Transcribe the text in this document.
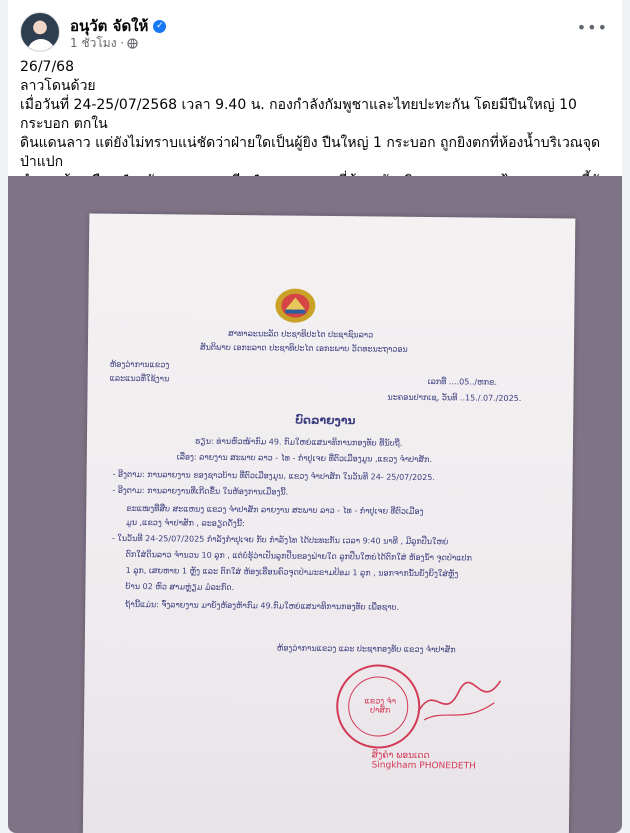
อนุวัต จัดให้ ✓
1 ชั่วโมง ·
•••
26/7/68
ลาวโดนด้วย
เมื่อวันที่ 24-25/07/2568 เวลา 9.40 น. กองกำลังกัมพูชาและไทยปะทะกัน โดยมีปืนใหญ่ 10 กระบอก ตกใน
ดินแดนลาว แต่ยังไม่ทราบแน่ชัดว่าฝ่ายใดเป็นผู้ยิง ปืนใหญ่ 1 กระบอก ถูกยิงตกที่ห้องน้ำบริเวณจุดป่าแปก
ສາທາລະນະລັດ ປະຊາທິປະໄຕ ປະຊາຊົນລາວ
ສັນຕິພາບ ເອກະລາດ ປະຊາທິປະໄຕ ເອກະພາບ ວັດທະນະຖາວອນ
ຫ້ອງວ່າການແຂວງ
ແລະແນວທີ່ໃຊ້ງານ	ເລກທີ່ ....05../ຫກຂ.
ນະຄອນປາກເຊ, ວັນທີ ..15./.07./2025.
ບົດລາຍງານ
ຮຽນ: ທ່ານຫົວໜ້າກົມ 49. ກົມໃຫຍ່ແສນາທິການກອງທັບ ທີ່ນັບຖື.
ເລື່ອງ: ລາຍງານ ສະພາບ ລາວ - ໄທ - ກໍາປູເຈຍ ທີ່ຕົວເມືອງມູນ ,ແຂວງ ຈໍາປາສັກ.
- ອີງຕາມ: ການລາຍງານ ຂອງຊາວບ້ານ ທີ່ຕົວເມືອງມູນ, ແຂວງ ຈໍາປາສັກ ໃນວັນທີ 24- 25/07/2025.
- ອີງຕາມ: ການລາຍງານທີ່ເກີດຂຶ້ນ ໃນຫ້ອງການເມືອງນີ້.
ຂະແໜງທີ່ສືບ ສະແຫນງ ແຂວງ ຈໍາປາສັກ ລາຍງານ ສະພາບ ລາວ - ໄທ - ກໍາປູເຈຍ ທີ່ຕົວເມືອງ
ມູນ ,ແຂວງ ຈໍາປາສັກ , ລະອຽດດັ່ງນີ້:
- ໃນວັນທີ 24-25/07/2025 ກໍາລັງກໍາປູເຈຍ ກັບ ກໍາລັງໄທ ໄດ້ປະທະກັນ ເວລາ 9:40 ນາທີ , ມີລູກປືນໃຫຍ່
ຕົກໃສ່ດິນລາວ ຈໍານວນ 10 ລູກ , ແຕ່ບໍ່ຮູ້ວ່າເປັນລູກປືນຂອງຝ່າຍໃດ ລູກປືນໃຫຍ່ໄດ້ຕົກໃສ່ ຫ້ອງນໍ້າ ຈຸດປ່າແປກ
1 ລູກ, ເສຍຫາຍ 1 ຫຼັງ ແລະ ຕົກໃສ່ ຫ້ອງເຮືອນຄົວຈຸດປ່າມະຂາມປ້ອມ 1 ລູກ , ນອກຈາກນັ້ນຍັງຍິງໃສ່ຫຼັງ
ບ້ານ 02 ຫົວ ສາມຫຼ່ຽມ ມໍລະກົດ.
ຖ້ານີ້ແມ່ນ: ຈົ່ງລາຍງານ ມາຍັງຫ້ອງຫ້າກົມ 49.ກົມໃຫຍ່ແສນາທິການກອງທັບ ເພື່ອຊາບ.
ຫ້ອງວ່າການແຂວງ ແລະ ປະຊາກອງທັບ ແຂວງ ຈໍາປາສັກ
ແຂວງ ຈໍາປາສັກ
ສິງຄໍາ ພອນເດດ
Singkham PHONEDETH
